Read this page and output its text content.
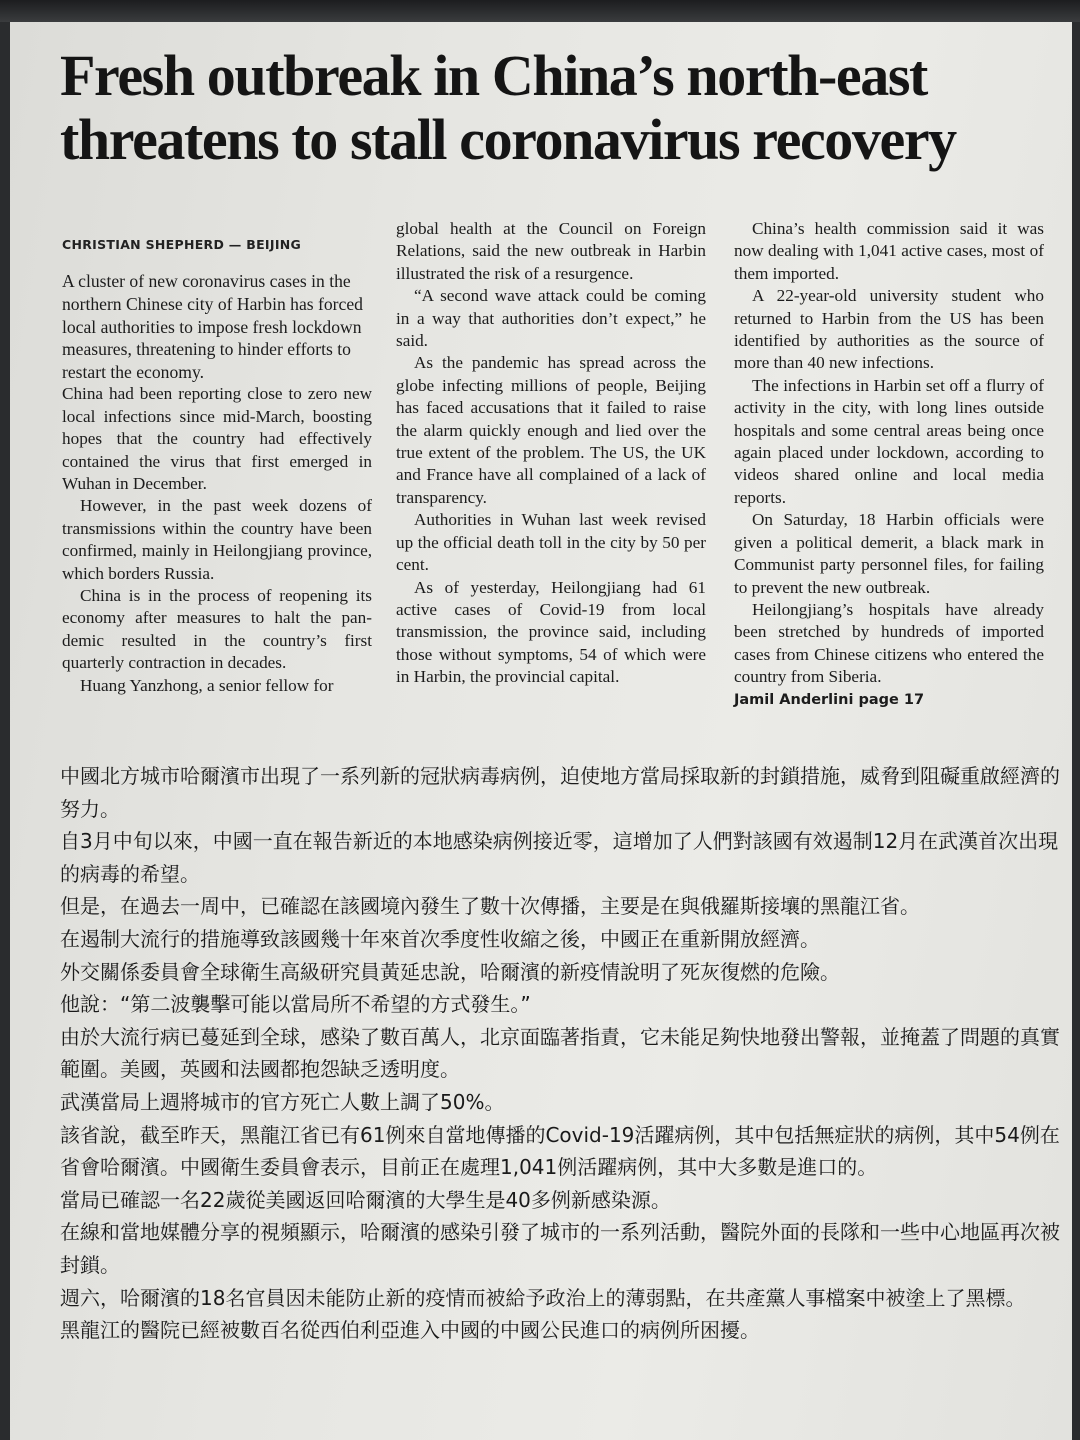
Fresh outbreak in China’s north-east threatens to stall coronavirus recovery
CHRISTIAN SHEPHERD — BEIJING

A cluster of new coronavirus cases in the northern Chinese city of Harbin has forced local authorities to impose fresh lockdown measures, threatening to hinder efforts to restart the economy.

China had been reporting close to zero new local infections since mid-March, boosting hopes that the country had effectively contained the virus that first emerged in Wuhan in December.

However, in the past week dozens of transmissions within the country have been confirmed, mainly in Heilongjiang province, which borders Russia.

China is in the process of reopening its economy after measures to halt the pandemic resulted in the country’s first quarterly contraction in decades.

Huang Yanzhong, a senior fellow for

global health at the Council on Foreign Relations, said the new outbreak in Harbin illustrated the risk of a resurgence.

“A second wave attack could be coming in a way that authorities don’t expect,” he said.

As the pandemic has spread across the globe infecting millions of people, Beijing has faced accusations that it failed to raise the alarm quickly enough and lied over the true extent of the problem. The US, the UK and France have all complained of a lack of transparency.

Authorities in Wuhan last week revised up the official death toll in the city by 50 per cent.

As of yesterday, Heilongjiang had 61 active cases of Covid-19 from local transmission, the province said, including those without symptoms, 54 of which were in Harbin, the provincial capital.

China’s health commission said it was now dealing with 1,041 active cases, most of them imported.

A 22-year-old university student who returned to Harbin from the US has been identified by authorities as the source of more than 40 new infections.

The infections in Harbin set off a flurry of activity in the city, with long lines outside hospitals and some central areas being once again placed under lockdown, according to videos shared online and local media reports.

On Saturday, 18 Harbin officials were given a political demerit, a black mark in Communist party personnel files, for failing to prevent the new outbreak.

Heilongjiang’s hospitals have already been stretched by hundreds of imported cases from Chinese citizens who entered the country from Siberia.

Jamil Anderlini page 17

中國北方城市哈爾濱市出現了一系列新的冠狀病毒病例，迫使地方當局採取新的封鎖措施，威脅到阻礙重啟經濟的努力。

自3月中旬以來，中國一直在報告新近的本地感染病例接近零，這增加了人們對該國有效遏制12月在武漢首次出現的病毒的希望。

但是，在過去一周中，已確認在該國境內發生了數十次傳播，主要是在與俄羅斯接壤的黑龍江省。

在遏制大流行的措施導致該國幾十年來首次季度性收縮之後，中國正在重新開放經濟。

外交關係委員會全球衛生高級研究員黃延忠說，哈爾濱的新疫情說明了死灰復燃的危險。

他說：“第二波襲擊可能以當局所不希望的方式發生。”

由於大流行病已蔓延到全球，感染了數百萬人，北京面臨著指責，它未能足夠快地發出警報，並掩蓋了問題的真實範圍。美國，英國和法國都抱怨缺乏透明度。

武漢當局上週將城市的官方死亡人數上調了50%。

該省說，截至昨天，黑龍江省已有61例來自當地傳播的Covid-19活躍病例，其中包括無症狀的病例，其中54例在省會哈爾濱。中國衛生委員會表示，目前正在處理1,041例活躍病例，其中大多數是進口的。

當局已確認一名22歲從美國返回哈爾濱的大學生是40多例新感染源。

在線和當地媒體分享的視頻顯示，哈爾濱的感染引發了城市的一系列活動，醫院外面的長隊和一些中心地區再次被封鎖。

週六，哈爾濱的18名官員因未能防止新的疫情而被給予政治上的薄弱點，在共產黨人事檔案中被塗上了黑標。

黑龍江的醫院已經被數百名從西伯利亞進入中國的中國公民進口的病例所困擾。
